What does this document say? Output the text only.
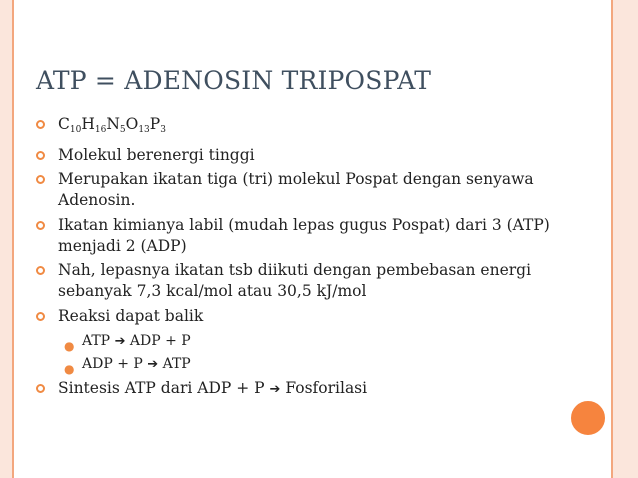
ATP = ADENOSIN TRIPOSPAT
$C_{10}H_{16}N_5O_{13}P_3$
Molekul berenergi tinggi
Merupakan ikatan tiga (tri) molekul Pospat dengan senyawa Adenosin.
Ikatan kimianya labil (mudah lepas gugus Pospat) dari 3 (ATP) menjadi 2 (ADP)
Nah, lepasnya ikatan tsb diikuti dengan pembebasan energi sebanyak 7,3 kcal/mol atau 30,5 kJ/mol
Reaksi dapat balik
● ATP ➔ ADP + P
● ADP + P ➔ ATP
Sintesis ATP dari ADP + P ➔ Fosforilasi
